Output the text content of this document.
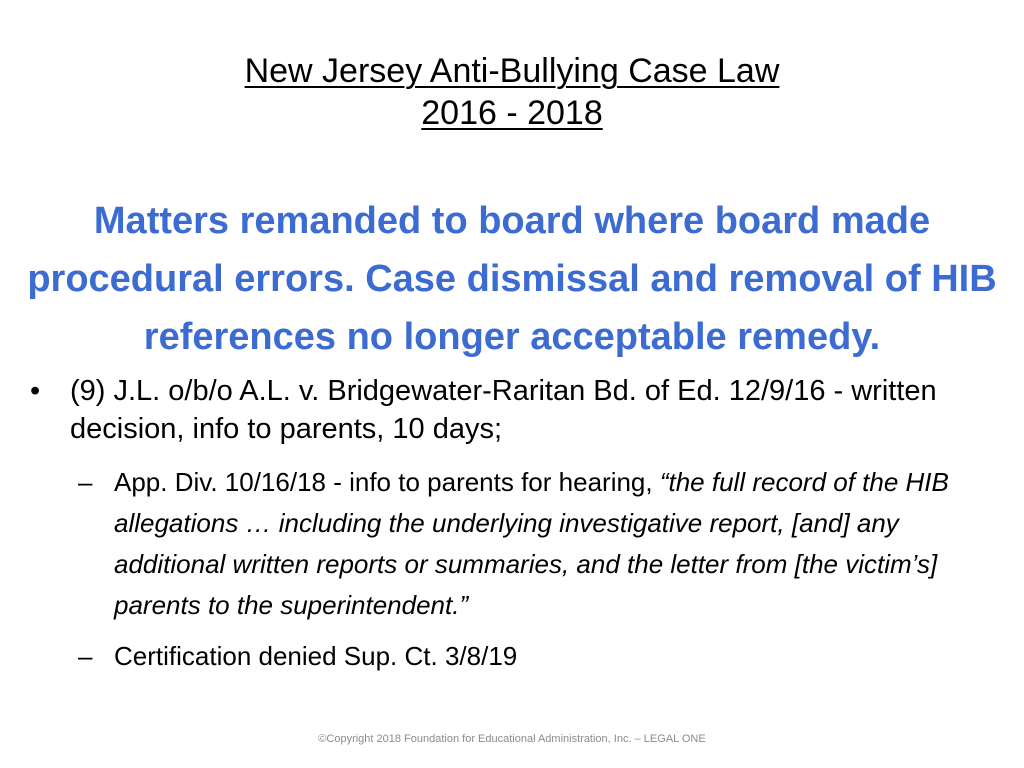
New Jersey Anti-Bullying Case Law
2016 - 2018
Matters remanded to board where board made procedural errors. Case dismissal and removal of HIB references no longer acceptable remedy.
• (9) J.L. o/b/o A.L. v. Bridgewater-Raritan Bd. of Ed. 12/9/16 - written decision, info to parents, 10 days;
– App. Div. 10/16/18 - info to parents for hearing, “the full record of the HIB allegations … including the underlying investigative report, [and] any additional written reports or summaries, and the letter from [the victim’s] parents to the superintendent.”
– Certification denied Sup. Ct. 3/8/19
©Copyright 2018 Foundation for Educational Administration, Inc. – LEGAL ONE
